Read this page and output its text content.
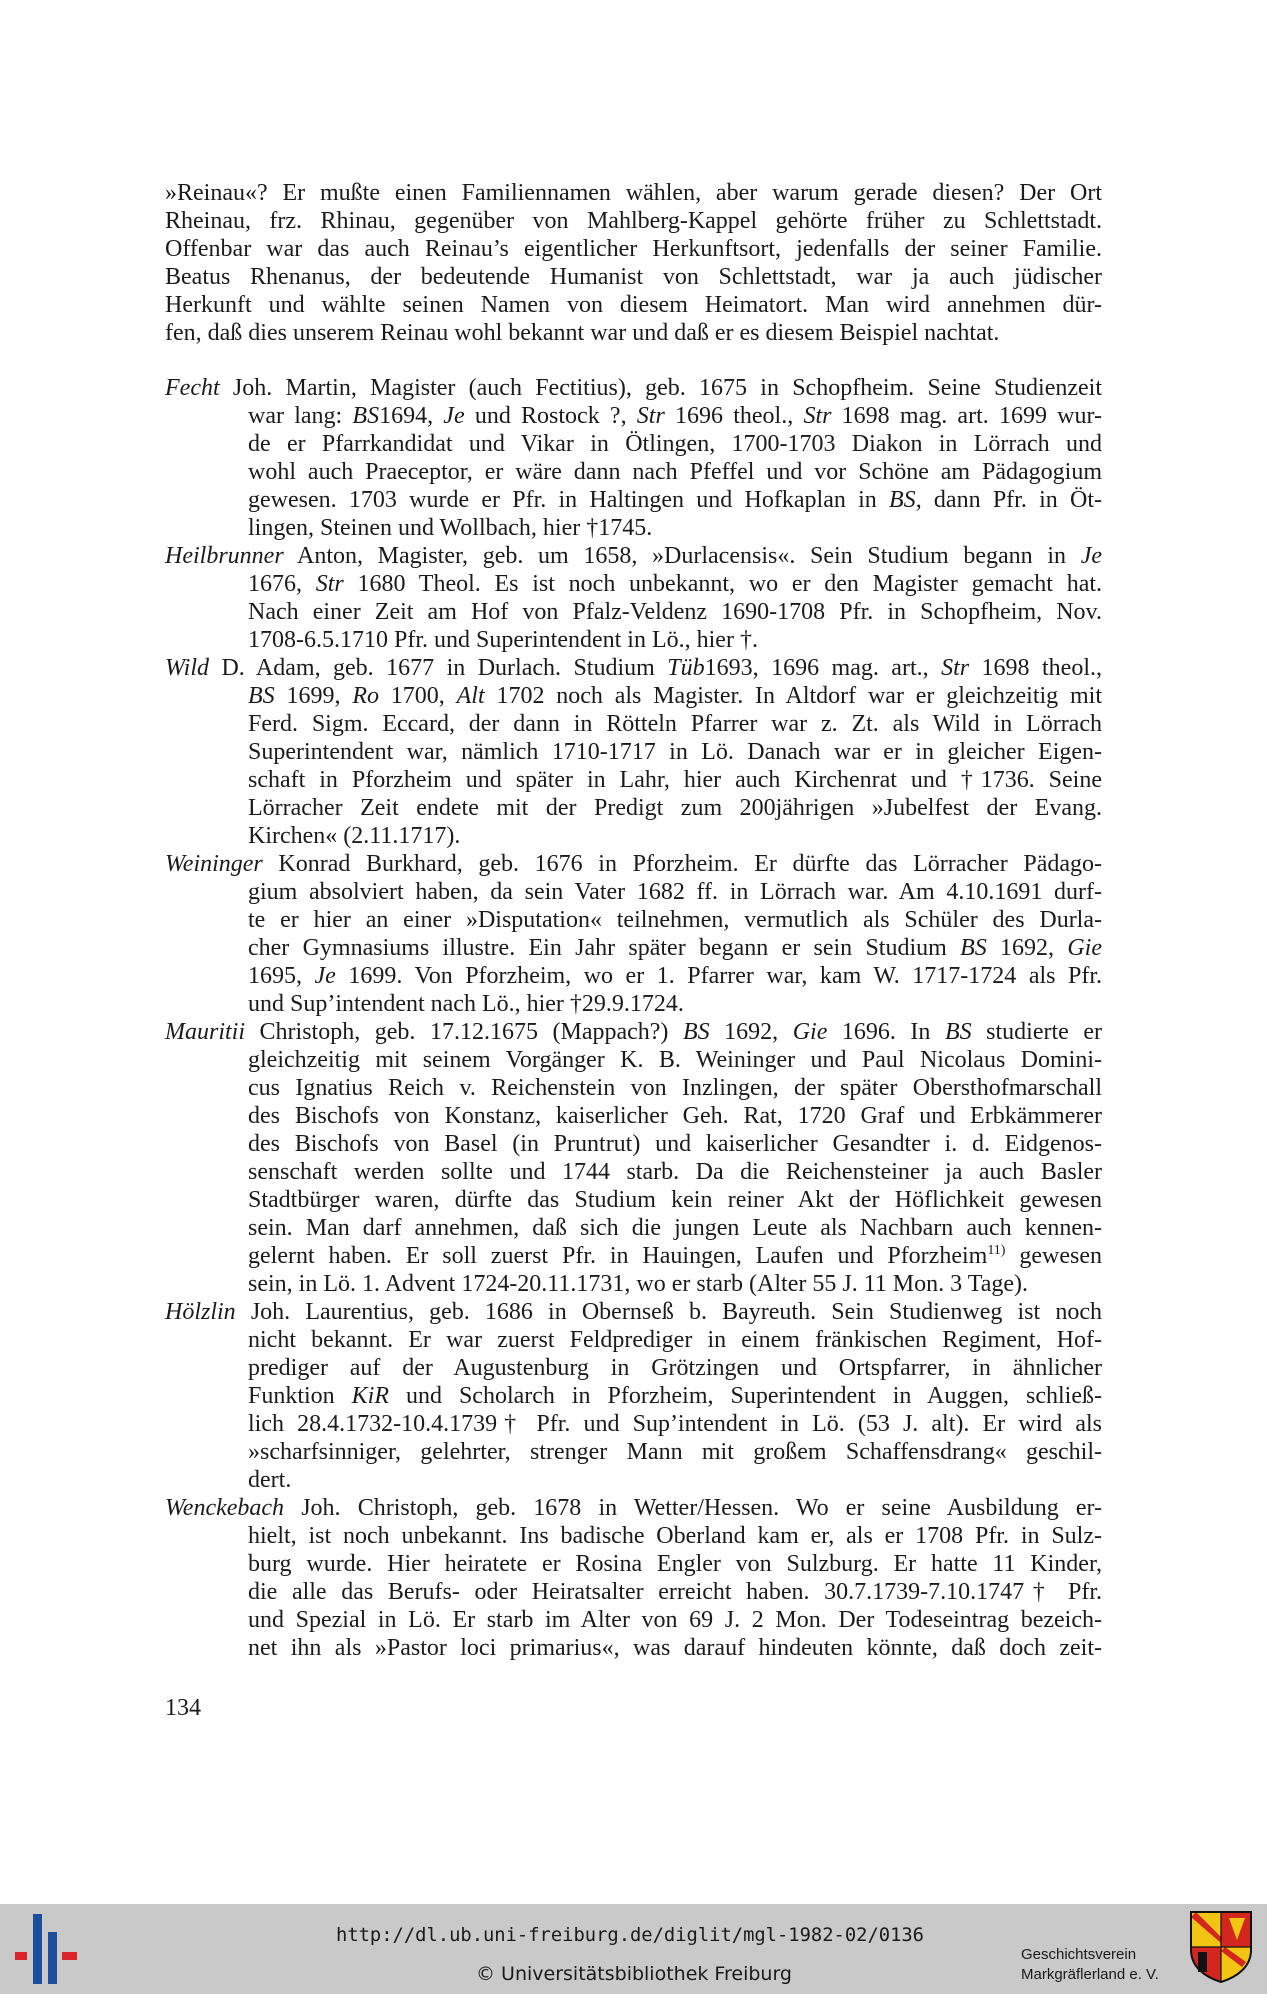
»Reinau«? Er mußte einen Familiennamen wählen, aber warum gerade diesen? Der Ort
Rheinau, frz. Rhinau, gegenüber von Mahlberg-Kappel gehörte früher zu Schlettstadt.
Offenbar war das auch Reinau’s eigentlicher Herkunftsort, jedenfalls der seiner Familie.
Beatus Rhenanus, der bedeutende Humanist von Schlettstadt, war ja auch jüdischer
Herkunft und wählte seinen Namen von diesem Heimatort. Man wird annehmen dür-
fen, daß dies unserem Reinau wohl bekannt war und daß er es diesem Beispiel nachtat.
Fecht Joh. Martin, Magister (auch Fectitius), geb. 1675 in Schopfheim. Seine Studienzeit
war lang: BS1694, Je und Rostock ?, Str 1696 theol., Str 1698 mag. art. 1699 wur-
de er Pfarrkandidat und Vikar in Ötlingen, 1700-1703 Diakon in Lörrach und
wohl auch Praeceptor, er wäre dann nach Pfeffel und vor Schöne am Pädagogium
gewesen. 1703 wurde er Pfr. in Haltingen und Hofkaplan in BS, dann Pfr. in Öt-
lingen, Steinen und Wollbach, hier †1745.
Heilbrunner Anton, Magister, geb. um 1658, »Durlacensis«. Sein Studium begann in Je
1676, Str 1680 Theol. Es ist noch unbekannt, wo er den Magister gemacht hat.
Nach einer Zeit am Hof von Pfalz-Veldenz 1690-1708 Pfr. in Schopfheim, Nov.
1708-6.5.1710 Pfr. und Superintendent in Lö., hier †.
Wild D. Adam, geb. 1677 in Durlach. Studium Tüb1693, 1696 mag. art., Str 1698 theol.,
BS 1699, Ro 1700, Alt 1702 noch als Magister. In Altdorf war er gleichzeitig mit
Ferd. Sigm. Eccard, der dann in Rötteln Pfarrer war z. Zt. als Wild in Lörrach
Superintendent war, nämlich 1710-1717 in Lö. Danach war er in gleicher Eigen-
schaft in Pforzheim und später in Lahr, hier auch Kirchenrat und †1736. Seine
Lörracher Zeit endete mit der Predigt zum 200jährigen »Jubelfest der Evang.
Kirchen« (2.11.1717).
Weininger Konrad Burkhard, geb. 1676 in Pforzheim. Er dürfte das Lörracher Pädago-
gium absolviert haben, da sein Vater 1682 ff. in Lörrach war. Am 4.10.1691 durf-
te er hier an einer »Disputation« teilnehmen, vermutlich als Schüler des Durla-
cher Gymnasiums illustre. Ein Jahr später begann er sein Studium BS 1692, Gie
1695, Je 1699. Von Pforzheim, wo er 1. Pfarrer war, kam W. 1717-1724 als Pfr.
und Sup’intendent nach Lö., hier †29.9.1724.
Mauritii Christoph, geb. 17.12.1675 (Mappach?) BS 1692, Gie 1696. In BS studierte er
gleichzeitig mit seinem Vorgänger K. B. Weininger und Paul Nicolaus Domini-
cus Ignatius Reich v. Reichenstein von Inzlingen, der später Obersthofmarschall
des Bischofs von Konstanz, kaiserlicher Geh. Rat, 1720 Graf und Erbkämmerer
des Bischofs von Basel (in Pruntrut) und kaiserlicher Gesandter i. d. Eidgenos-
senschaft werden sollte und 1744 starb. Da die Reichensteiner ja auch Basler
Stadtbürger waren, dürfte das Studium kein reiner Akt der Höflichkeit gewesen
sein. Man darf annehmen, daß sich die jungen Leute als Nachbarn auch kennen-
gelernt haben. Er soll zuerst Pfr. in Hauingen, Laufen und Pforzheim$^{11)}$ gewesen
sein, in Lö. 1. Advent 1724-20.11.1731, wo er starb (Alter 55 J. 11 Mon. 3 Tage).
Hölzlin Joh. Laurentius, geb. 1686 in Obernseß b. Bayreuth. Sein Studienweg ist noch
nicht bekannt. Er war zuerst Feldprediger in einem fränkischen Regiment, Hof-
prediger auf der Augustenburg in Grötzingen und Ortspfarrer, in ähnlicher
Funktion KiR und Scholarch in Pforzheim, Superintendent in Auggen, schließ-
lich 28.4.1732-10.4.1739† Pfr. und Sup’intendent in Lö. (53 J. alt). Er wird als
»scharfsinniger, gelehrter, strenger Mann mit großem Schaffensdrang« geschil-
dert.
Wenckebach Joh. Christoph, geb. 1678 in Wetter/Hessen. Wo er seine Ausbildung er-
hielt, ist noch unbekannt. Ins badische Oberland kam er, als er 1708 Pfr. in Sulz-
burg wurde. Hier heiratete er Rosina Engler von Sulzburg. Er hatte 11 Kinder,
die alle das Berufs- oder Heiratsalter erreicht haben. 30.7.1739-7.10.1747† Pfr.
und Spezial in Lö. Er starb im Alter von 69 J. 2 Mon. Der Todeseintrag bezeich-
net ihn als »Pastor loci primarius«, was darauf hindeuten könnte, daß doch zeit-
134
http://dl.ub.uni-freiburg.de/diglit/mgl-1982-02/0136
© Universitätsbibliothek Freiburg
Geschichtsverein
Markgräflerland e. V.
